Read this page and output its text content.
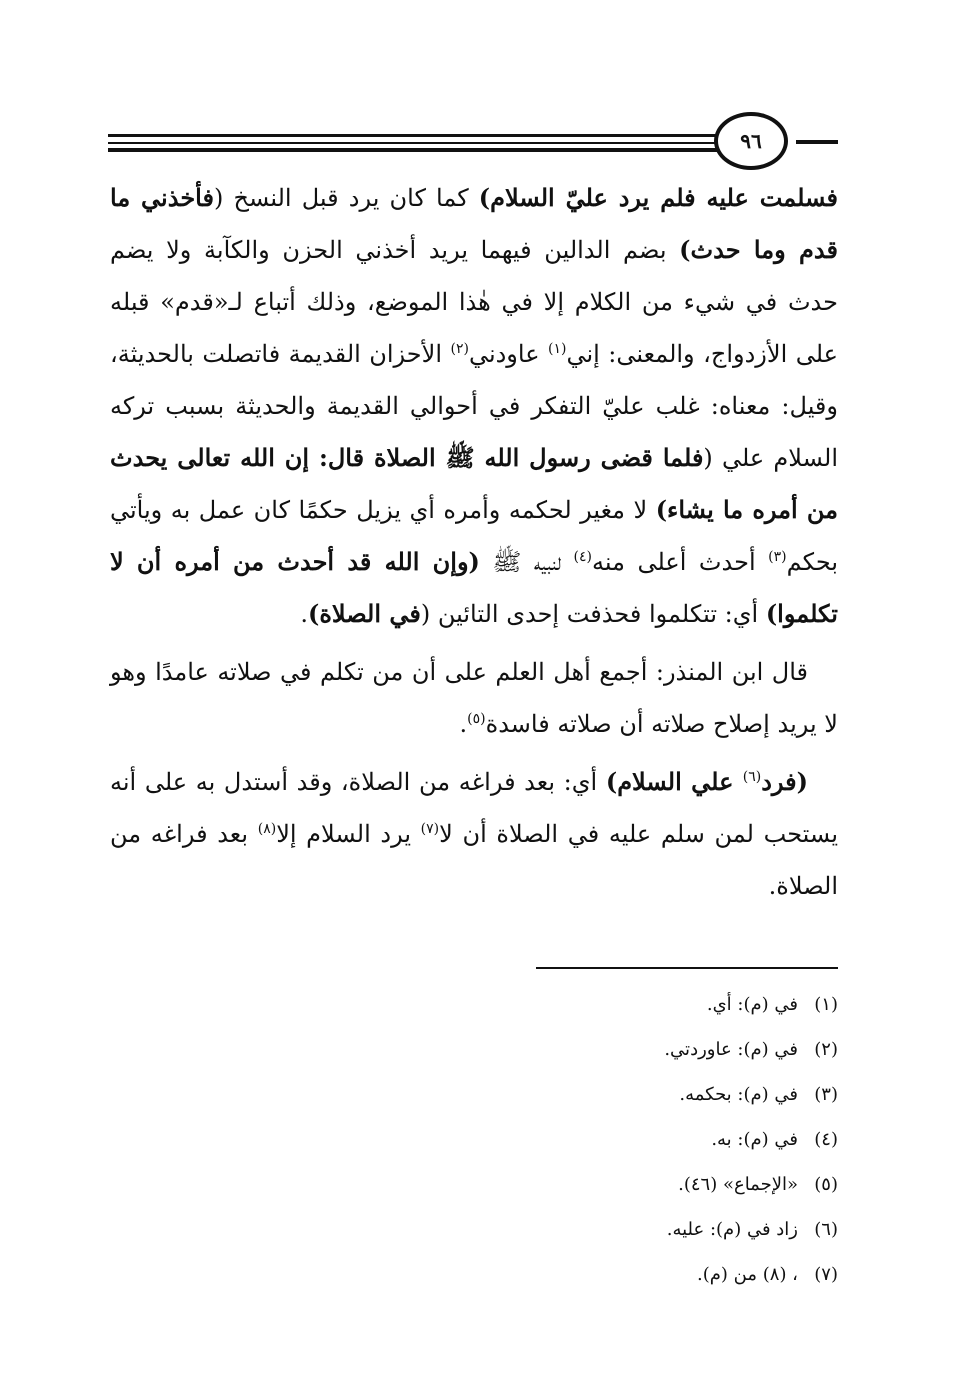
٩٦

فسلمت عليه فلم يرد عليّ السلام) كما كان يرد قبل النسخ (فأخذني ما قدم وما حدث) بضم الدالين فيهما يريد أخذني الحزن والكآبة ولا يضم حدث في شيء من الكلام إلا في هٰذا الموضع، وذلك أتباع لـ«قدم» قبله على الأزدواج، والمعنى: إني$^{(١)}$ عاودني$^{(٢)}$ الأحزان القديمة فاتصلت بالحديثة، وقيل: معناه: غلب عليّ التفكر في أحوالي القديمة والحديثة بسبب تركه السلام علي (فلما قضى رسول الله ﷺ الصلاة قال: إن الله تعالى يحدث من أمره ما يشاء) لا مغير لحكمه وأمره أي يزيل حكمًا كان عمل به ويأتي بحكم$^{(٣)}$ أحدث أعلى منه$^{(٤)}$ لنبيه ﷺ (وإن الله قد أحدث من أمره أن لا تكلموا) أي: تتكلموا فحذفت إحدى التائين (في الصلاة).

قال ابن المنذر: أجمع أهل العلم على أن من تكلم في صلاته عامدًا وهو لا يريد إصلاح صلاته أن صلاته فاسدة$^{(٥)}$.

(فرد$^{(٦)}$ علي السلام) أي: بعد فراغه من الصلاة، وقد أستدل به على أنه يستحب لمن سلم عليه في الصلاة أن لا$^{(٧)}$ يرد السلام إلا$^{(٨)}$ بعد فراغه من الصلاة.

(١)
في (م): أي.
(٢)
في (م): عاوردتي.
(٣)
في (م): بحكمه.
(٤)
في (م): به.
(٥)
«الإجماع» (٤٦).
(٦)
زاد في (م): عليه.
(٧)
، (٨) من (م).
